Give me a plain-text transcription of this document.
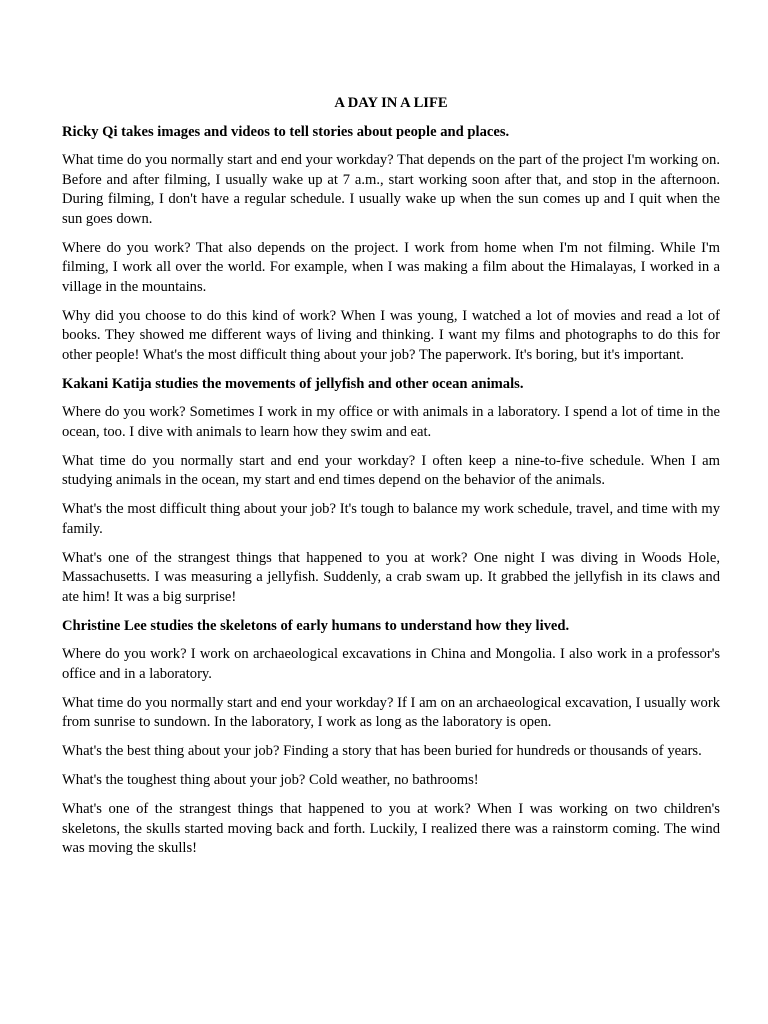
A DAY IN A LIFE
Ricky Qi takes images and videos to tell stories about people and places.

What time do you normally start and end your workday? That depends on the part of the project I'm working on. Before and after filming, I usually wake up at 7 a.m., start working soon after that, and stop in the afternoon. During filming, I don't have a regular schedule. I usually wake up when the sun comes up and I quit when the sun goes down.

Where do you work? That also depends on the project. I work from home when I'm not filming. While I'm filming, I work all over the world. For example, when I was making a film about the Himalayas, I worked in a village in the mountains.

Why did you choose to do this kind of work? When I was young, I watched a lot of movies and read a lot of books. They showed me different ways of living and thinking. I want my films and photographs to do this for other people! What's the most difficult thing about your job? The paperwork. It's boring, but it's important.

Kakani Katija studies the movements of jellyfish and other ocean animals.

Where do you work? Sometimes I work in my office or with animals in a laboratory. I spend a lot of time in the ocean, too. I dive with animals to learn how they swim and eat.

What time do you normally start and end your workday? I often keep a nine-to-five schedule. When I am studying animals in the ocean, my start and end times depend on the behavior of the animals.

What's the most difficult thing about your job? It's tough to balance my work schedule, travel, and time with my family.

What's one of the strangest things that happened to you at work? One night I was diving in Woods Hole, Massachusetts. I was measuring a jellyfish. Suddenly, a crab swam up. It grabbed the jellyfish in its claws and ate him! It was a big surprise!

Christine Lee studies the skeletons of early humans to understand how they lived.

Where do you work? I work on archaeological excavations in China and Mongolia. I also work in a professor's office and in a laboratory.

What time do you normally start and end your workday? If I am on an archaeological excavation, I usually work from sunrise to sundown. In the laboratory, I work as long as the laboratory is open.

What's the best thing about your job? Finding a story that has been buried for hundreds or thousands of years.

What's the toughest thing about your job? Cold weather, no bathrooms!

What's one of the strangest things that happened to you at work? When I was working on two children's skeletons, the skulls started moving back and forth. Luckily, I realized there was a rainstorm coming. The wind was moving the skulls!
